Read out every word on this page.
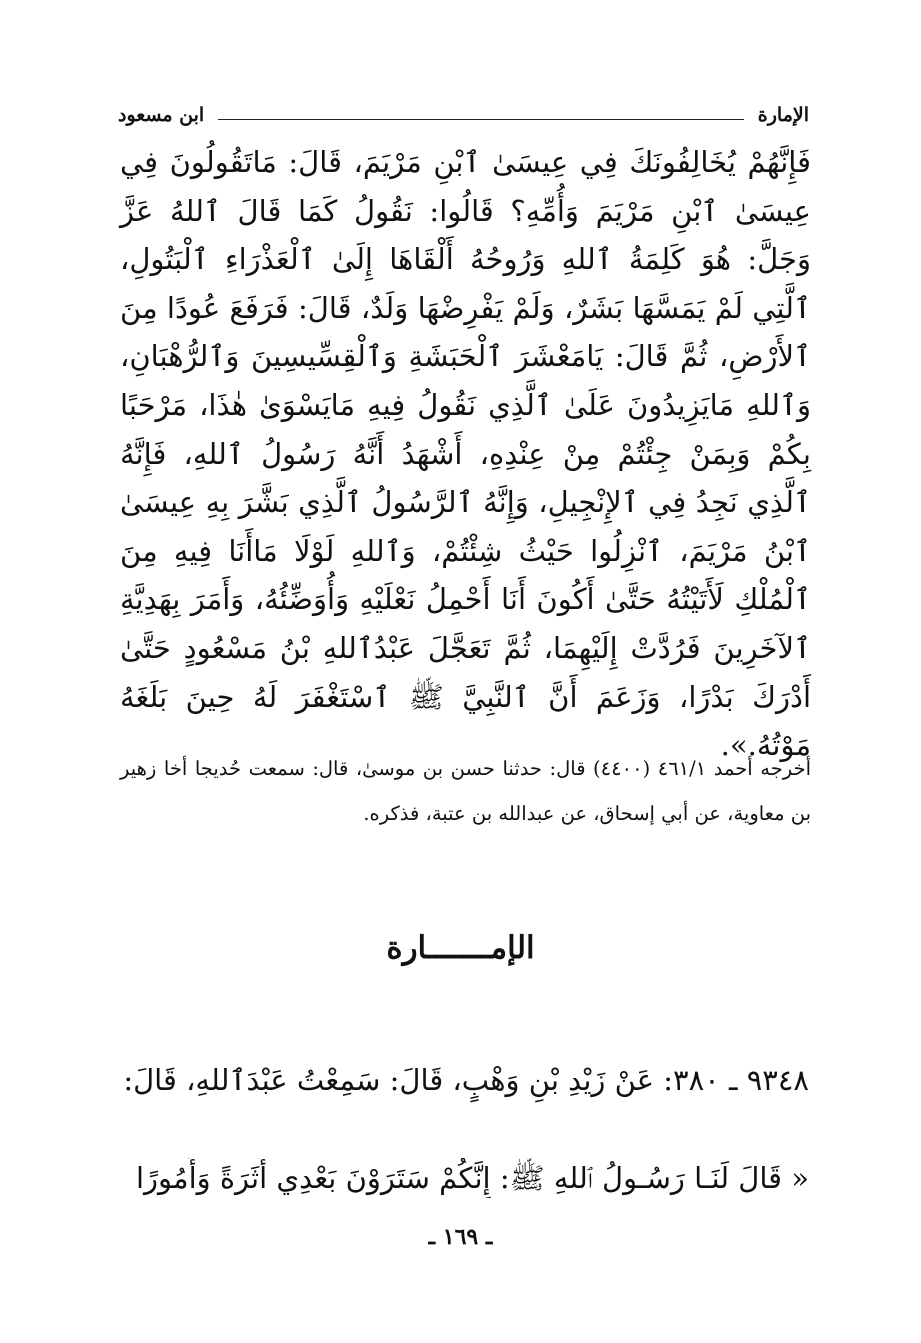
الإمارة
ابن مسعود

فَإِنَّهُمْ يُخَالِفُونَكَ فِي عِيسَىٰ ٱبْنِ مَرْيَمَ، قَالَ: مَاتَقُولُونَ فِي عِيسَىٰ ٱبْنِ مَرْيَمَ وَأُمِّهِ؟ قَالُوا: نَقُولُ كَمَا قَالَ ٱللهُ عَزَّ وَجَلَّ: هُوَ كَلِمَةُ ٱللهِ وَرُوحُهُ أَلْقَاهَا إِلَىٰ ٱلْعَذْرَاءِ ٱلْبَتُولِ، ٱلَّتِي لَمْ يَمَسَّهَا بَشَرٌ، وَلَمْ يَفْرِضْهَا وَلَدٌ، قَالَ: فَرَفَعَ عُودًا مِنَ ٱلأَرْضِ، ثُمَّ قَالَ: يَامَعْشَرَ ٱلْحَبَشَةِ وَٱلْقِسِّيسِينَ وَٱلرُّهْبَانِ، وَٱللهِ مَايَزِيدُونَ عَلَىٰ ٱلَّذِي نَقُولُ فِيهِ مَايَسْوَىٰ هٰذَا، مَرْحَبًا بِكُمْ وَبِمَنْ جِئْتُمْ مِنْ عِنْدِهِ، أَشْهَدُ أَنَّهُ رَسُولُ ٱللهِ، فَإِنَّهُ ٱلَّذِي نَجِدُ فِي ٱلإِنْجِيلِ، وَإِنَّهُ ٱلرَّسُولُ ٱلَّذِي بَشَّرَ بِهِ عِيسَىٰ ٱبْنُ مَرْيَمَ، ٱنْزِلُوا حَيْثُ شِئْتُمْ، وَٱللهِ لَوْلَا مَاأَنَا فِيهِ مِنَ ٱلْمُلْكِ لَأَتَيْتُهُ حَتَّىٰ أَكُونَ أَنَا أَحْمِلُ نَعْلَيْهِ وَأُوَضِّئُهُ، وَأَمَرَ بِهَدِيَّةِ ٱلآخَرِينَ فَرُدَّتْ إِلَيْهِمَا، ثُمَّ تَعَجَّلَ عَبْدُٱللهِ بْنُ مَسْعُودٍ حَتَّىٰ أَدْرَكَ بَدْرًا، وَزَعَمَ أَنَّ ٱلنَّبِيَّ ﷺ ٱسْتَغْفَرَ لَهُ حِينَ بَلَغَهُ مَوْتُهُ.».

أخرجه أحمد ٤٦١/١ (٤٤٠٠) قال: حدثنا حسن بن موسىٰ، قال: سمعت حُديجا أخا زهير بن معاوية، عن أبي إسحاق، عن عبدالله بن عتبة، فذكره.

الإمـــــــارة

٩٣٤٨ ـ ٣٨٠: عَنْ زَيْدِ بْنِ وَهْبٍ، قَالَ: سَمِعْتُ عَبْدَٱللهِ، قَالَ:

« قَالَ لَنَـا رَسُـولُ ٱللهِ ﷺ: إِنَّكُمْ سَتَرَوْنَ بَعْدِي أَثَرَةً وَأُمُورًا
ـ ١٦٩ ـ
